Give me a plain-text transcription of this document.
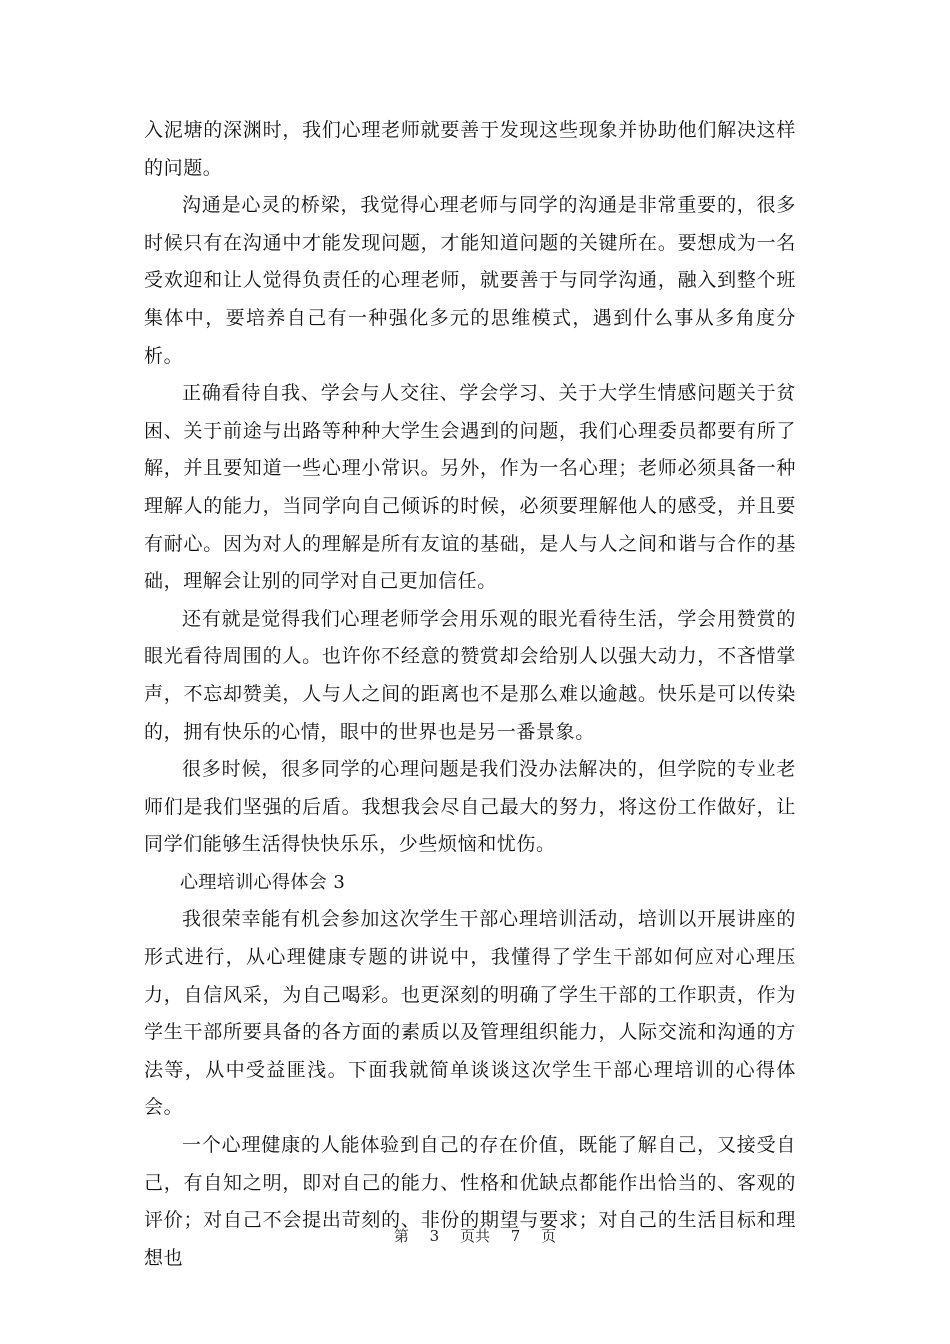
入泥塘的深渊时，我们心理老师就要善于发现这些现象并协助他们解决这样的问题。

沟通是心灵的桥梁，我觉得心理老师与同学的沟通是非常重要的，很多时候只有在沟通中才能发现问题，才能知道问题的关键所在。要想成为一名受欢迎和让人觉得负责任的心理老师，就要善于与同学沟通，融入到整个班集体中，要培养自己有一种强化多元的思维模式，遇到什么事从多角度分析。

正确看待自我、学会与人交往、学会学习、关于大学生情感问题关于贫困、关于前途与出路等种种大学生会遇到的问题，我们心理委员都要有所了解，并且要知道一些心理小常识。另外，作为一名心理；老师必须具备一种理解人的能力，当同学向自己倾诉的时候，必须要理解他人的感受，并且要有耐心。因为对人的理解是所有友谊的基础，是人与人之间和谐与合作的基础，理解会让别的同学对自己更加信任。

还有就是觉得我们心理老师学会用乐观的眼光看待生活，学会用赞赏的眼光看待周围的人。也许你不经意的赞赏却会给别人以强大动力，不吝惜掌声，不忘却赞美，人与人之间的距离也不是那么难以逾越。快乐是可以传染的，拥有快乐的心情，眼中的世界也是另一番景象。

很多时候，很多同学的心理问题是我们没办法解决的，但学院的专业老师们是我们坚强的后盾。我想我会尽自己最大的努力，将这份工作做好，让同学们能够生活得快快乐乐，少些烦恼和忧伤。

心理培训心得体会 3

我很荣幸能有机会参加这次学生干部心理培训活动，培训以开展讲座的形式进行，从心理健康专题的讲说中，我懂得了学生干部如何应对心理压力，自信风采，为自己喝彩。也更深刻的明确了学生干部的工作职责，作为学生干部所要具备的各方面的素质以及管理组织能力，人际交流和沟通的方法等，从中受益匪浅。下面我就简单谈谈这次学生干部心理培训的心得体会。

一个心理健康的人能体验到自己的存在价值，既能了解自己，又接受自己，有自知之明，即对自己的能力、性格和优缺点都能作出恰当的、客观的评价；对自己不会提出苛刻的、非份的期望与要求；对自己的生活目标和理想也

第 3 页共 7 页
